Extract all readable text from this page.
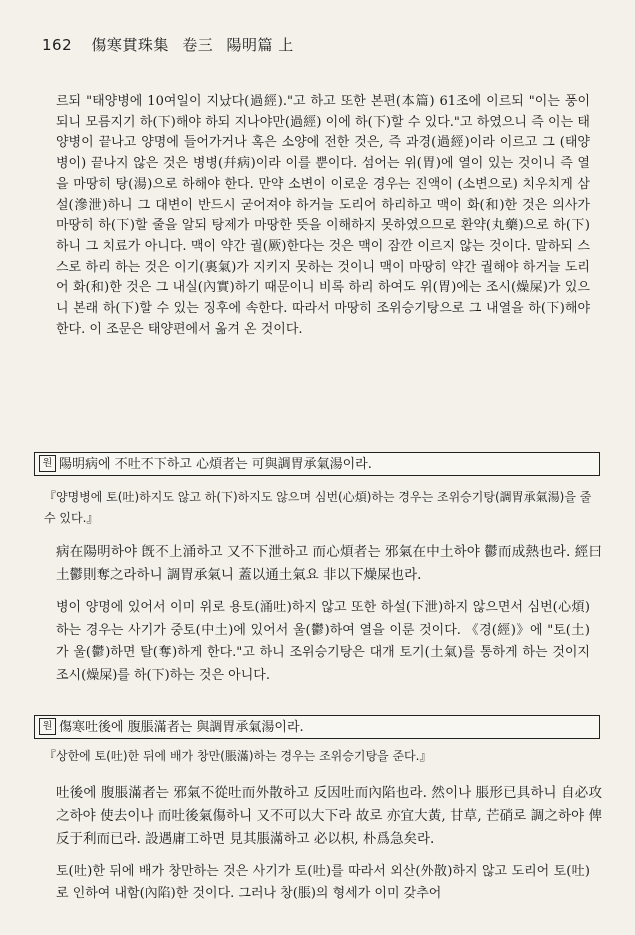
162 傷寒貫珠集 卷三 陽明篇 上

르되 "태양병에 10여일이 지났다(過經)."고 하고 또한 본편(本篇) 61조에 이르되 "이는 풍이 되니 모름지기 하(下)해야 하되 지나야만(過經) 이에 하(下)할 수 있다."고 하였으니 즉 이는 태양병이 끝나고 양명에 들어가거나 혹은 소양에 전한 것은, 즉 과경(過經)이라 이르고 그 (태양병이) 끝나지 않은 것은 병병(幷病)이라 이를 뿐이다. 섬어는 위(胃)에 열이 있는 것이니 즉 열을 마땅히 탕(湯)으로 하해야 한다. 만약 소변이 이로운 경우는 진액이 (소변으로) 치우치게 삼설(滲泄)하니 그 대변이 반드시 굳어져야 하거늘 도리어 하리하고 맥이 화(和)한 것은 의사가 마땅히 하(下)할 줄을 알되 탕제가 마땅한 뜻을 이해하지 못하였으므로 환약(丸藥)으로 하(下)하니 그 치료가 아니다. 맥이 약간 궐(厥)한다는 것은 맥이 잠깐 이르지 않는 것이다. 말하되 스스로 하리 하는 것은 이기(裏氣)가 지키지 못하는 것이니 맥이 마땅히 약간 궐해야 하거늘 도리어 화(和)한 것은 그 내실(內實)하기 때문이니 비록 하리 하여도 위(胃)에는 조시(燥屎)가 있으니 본래 하(下)할 수 있는 징후에 속한다. 따라서 마땅히 조위승기탕으로 그 내열을 하(下)해야 한다. 이 조문은 태양편에서 옮겨 온 것이다.

원 陽明病에 不吐不下하고 心煩者는 可與調胃承氣湯이라.

『양명병에 토(吐)하지도 않고 하(下)하지도 않으며 심번(心煩)하는 경우는 조위승기탕(調胃承氣湯)을 줄 수 있다.』

病在陽明하야 旣不上涌하고 又不下泄하고 而心煩者는 邪氣在中土하야 鬱而成熱也라. 經曰 土鬱則奪之라하니 調胃承氣니 蓋以通土氣요 非以下燥屎也라.

병이 양명에 있어서 이미 위로 용토(涌吐)하지 않고 또한 하설(下泄)하지 않으면서 심번(心煩)하는 경우는 사기가 중토(中土)에 있어서 울(鬱)하여 열을 이룬 것이다. 《경(經)》에 "토(土)가 울(鬱)하면 탈(奪)하게 한다."고 하니 조위승기탕은 대개 토기(土氣)를 통하게 하는 것이지 조시(燥屎)를 하(下)하는 것은 아니다.

원 傷寒吐後에 腹脹滿者는 與調胃承氣湯이라.

『상한에 토(吐)한 뒤에 배가 창만(脹滿)하는 경우는 조위승기탕을 준다.』

吐後에 腹脹滿者는 邪氣不從吐而外散하고 反因吐而內陷也라. 然이나 脹形已具하니 自必攻之하야 使去이나 而吐後氣傷하니 又不可以大下라 故로 亦宜大黃, 甘草, 芒硝로 調之하야 俾反于利而已라. 設遇庸工하면 見其脹滿하고 必以枳, 朴爲急矣라.

토(吐)한 뒤에 배가 창만하는 것은 사기가 토(吐)를 따라서 외산(外散)하지 않고 도리어 토(吐)로 인하여 내함(內陷)한 것이다. 그러나 창(脹)의 형세가 이미 갖추어
